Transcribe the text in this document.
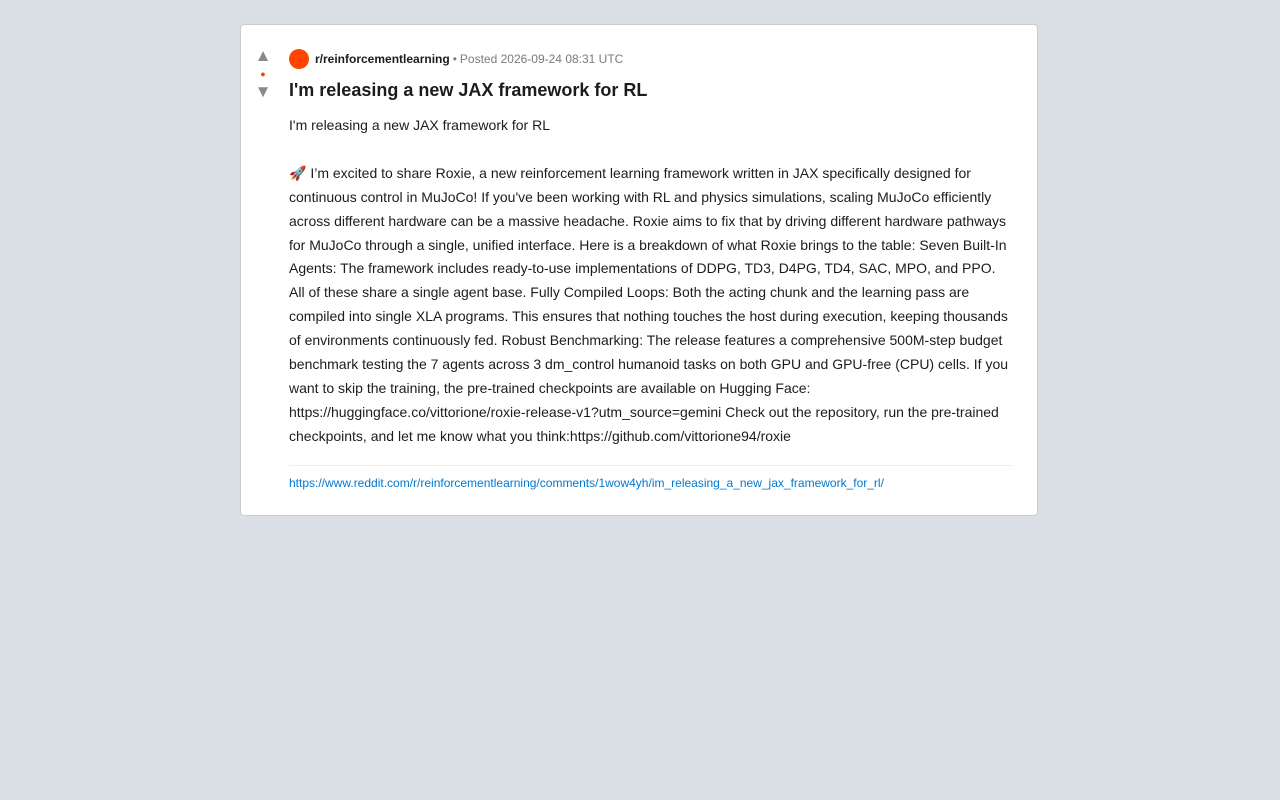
▲
●
▼
r/reinforcementlearning • Posted 2026-09-24 08:31 UTC
I'm releasing a new JAX framework for RL
I'm releasing a new JAX framework for RL

🚀 I’m excited to share Roxie, a new reinforcement learning framework written in JAX specifically designed for continuous control in MuJoCo! If you've been working with RL and physics simulations, scaling MuJoCo efficiently across different hardware can be a massive headache. Roxie aims to fix that by driving different hardware pathways for MuJoCo through a single, unified interface. Here is a breakdown of what Roxie brings to the table: Seven Built-In Agents: The framework includes ready-to-use implementations of DDPG, TD3, D4PG, TD4, SAC, MPO, and PPO. All of these share a single agent base. Fully Compiled Loops: Both the acting chunk and the learning pass are compiled into single XLA programs. This ensures that nothing touches the host during execution, keeping thousands of environments continuously fed. Robust Benchmarking: The release features a comprehensive 500M-step budget benchmark testing the 7 agents across 3 dm_control humanoid tasks on both GPU and GPU-free (CPU) cells. If you want to skip the training, the pre-trained checkpoints are available on Hugging Face: https://huggingface.co/vittorione/roxie-release-v1?utm_source=gemini Check out the repository, run the pre-trained checkpoints, and let me know what you think:https://github.com/vittorione94/roxie
https://www.reddit.com/r/reinforcementlearning/comments/1wow4yh/im_releasing_a_new_jax_framework_for_rl/
